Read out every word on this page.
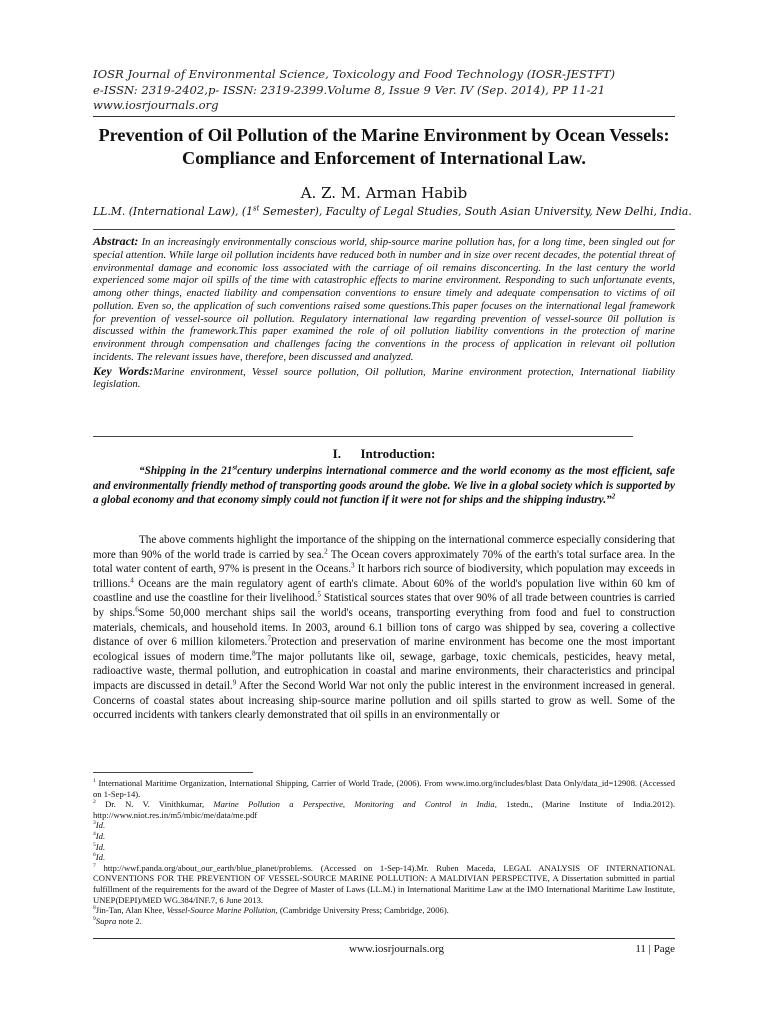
IOSR Journal of Environmental Science, Toxicology and Food Technology (IOSR-JESTFT)
e-ISSN: 2319-2402,p- ISSN: 2319-2399.Volume 8, Issue 9 Ver. IV (Sep. 2014), PP 11-21
www.iosrjournals.org
Prevention of Oil Pollution of the Marine Environment by Ocean Vessels: Compliance and Enforcement of International Law.
A. Z. M. Arman Habib
LL.M. (International Law), (1st Semester), Faculty of Legal Studies, South Asian University, New Delhi, India.
Abstract: In an increasingly environmentally conscious world, ship-source marine pollution has, for a long time, been singled out for special attention. While large oil pollution incidents have reduced both in number and in size over recent decades, the potential threat of environmental damage and economic loss associated with the carriage of oil remains disconcerting. In the last century the world experienced some major oil spills of the time with catastrophic effects to marine environment. Responding to such unfortunate events, among other things, enacted liability and compensation conventions to ensure timely and adequate compensation to victims of oil pollution. Even so, the application of such conventions raised some questions.This paper focuses on the international legal framework for prevention of vessel-source oil pollution. Regulatory international law regarding prevention of vessel-source 0il pollution is discussed within the framework.This paper examined the role of oil pollution liability conventions in the protection of marine environment through compensation and challenges facing the conventions in the process of application in relevant oil pollution incidents. The relevant issues have, therefore, been discussed and analyzed.
Key Words:Marine environment, Vessel source pollution, Oil pollution, Marine environment protection, International liability legislation.
I. Introduction:
“Shipping in the 21stcentury underpins international commerce and the world economy as the most efficient, safe and environmentally friendly method of transporting goods around the globe. We live in a global society which is supported by a global economy and that economy simply could not function if it were not for ships and the shipping industry.”$^2$

The above comments highlight the importance of the shipping on the international commerce especially considering that more than 90% of the world trade is carried by sea.$^2$ The Ocean covers approximately 70% of the earth's total surface area. In the total water content of earth, 97% is present in the Oceans.$^3$ It harbors rich source of biodiversity, which population may exceeds in trillions.$^4$ Oceans are the main regulatory agent of earth's climate. About 60% of the world's population live within 60 km of coastline and use the coastline for their livelihood.$^5$ Statistical sources states that over 90% of all trade between countries is carried by ships.$^6$Some 50,000 merchant ships sail the world's oceans, transporting everything from food and fuel to construction materials, chemicals, and household items. In 2003, around 6.1 billion tons of cargo was shipped by sea, covering a collective distance of over 6 million kilometers.$^7$Protection and preservation of marine environment has become one the most important ecological issues of modern time.$^8$The major pollutants like oil, sewage, garbage, toxic chemicals, pesticides, heavy metal, radioactive waste, thermal pollution, and eutrophication in coastal and marine environments, their characteristics and principal impacts are discussed in detail.$^9$ After the Second World War not only the public interest in the environment increased in general. Concerns of coastal states about increasing ship-source marine pollution and oil spills started to grow as well. Some of the occurred incidents with tankers clearly demonstrated that oil spills in an environmentally or

$^1$ International Maritime Organization, International Shipping, Carrier of World Trade, (2006). From www.imo.org/includes/blast Data Only/data_id=12908. (Accessed on 1-Sep-14).
$^2$ Dr. N. V. Vinithkumar, Marine Pollution a Perspective, Monitoring and Control in India, 1stedn., (Marine Institute of India.2012). http://www.niot.res.in/m5/mbic/me/data/me.pdf
$^3$Id.
$^4$Id.
$^5$Id.
$^6$Id.
$^7$ http://wwf.panda.org/about_our_earth/blue_planet/problems. (Accessed on 1-Sep-14).Mr. Ruben Maceda, LEGAL ANALYSIS OF INTERNATIONAL CONVENTIONS FOR THE PREVENTION OF VESSEL-SOURCE MARINE POLLUTION: A MALDIVIAN PERSPECTIVE, A Dissertation submitted in partial fulfillment of the requirements for the award of the Degree of Master of Laws (LL.M.) in International Maritime Law at the IMO International Maritime Law Institute, UNEP(DEPI)/MED WG.384/INF.7, 6 June 2013.
$^8$Jin-Tan, Alan Khee, Vessel-Source Marine Pollution, (Cambridge University Press; Cambridge, 2006).
$^9$Supra note 2.
www.iosrjournals.org	11 | Page
